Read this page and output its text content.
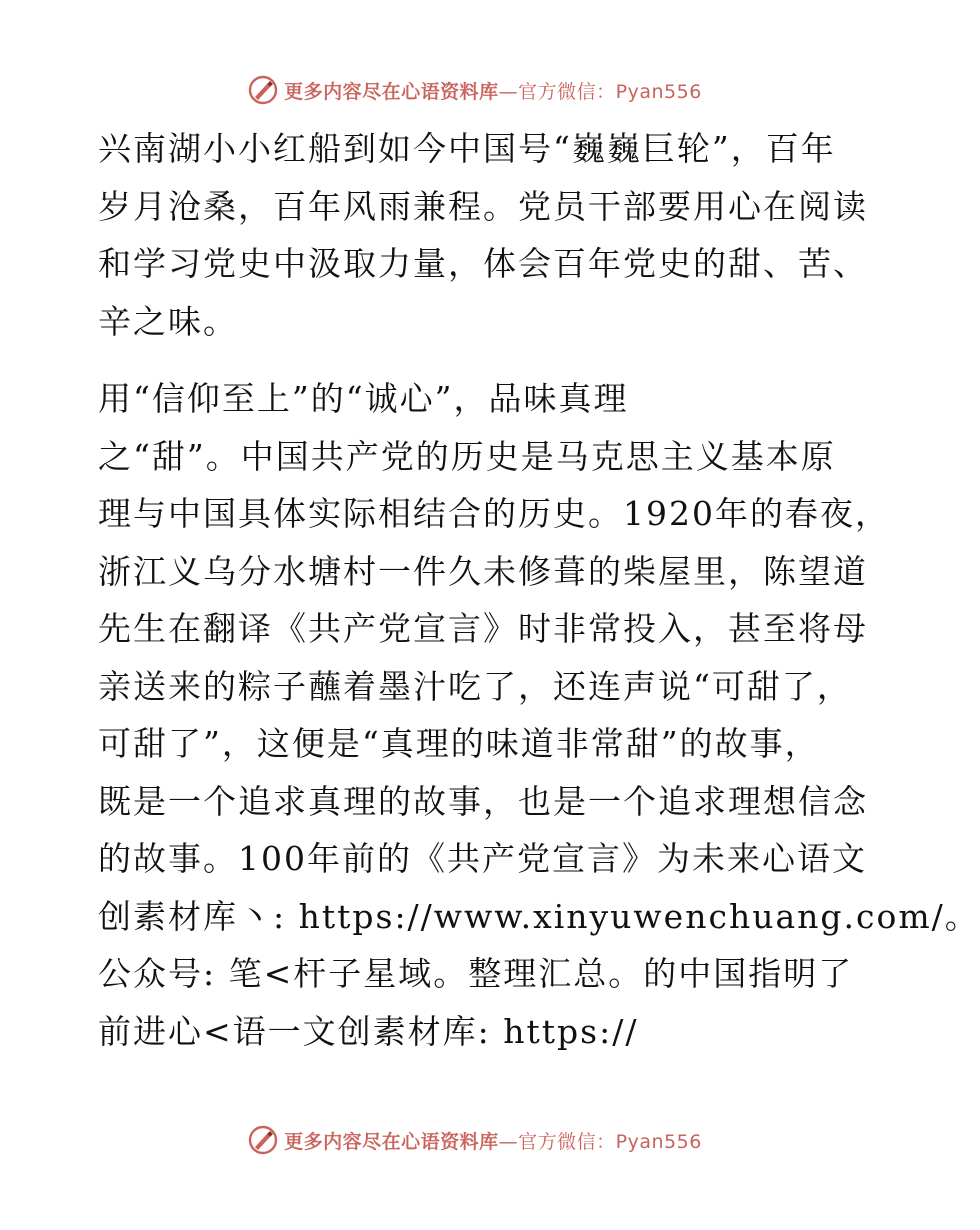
更多内容尽在心语资料库—官方微信：Pyan556
兴南湖小小红船到如今中国号“巍巍巨轮”，百年
岁月沧桑，百年风雨兼程。党员干部要用心在阅读
和学习党史中汲取力量，体会百年党史的甜、苦、
辛之味。
用“信仰至上”的“诚心”，品味真理
之“甜”。中国共产党的历史是马克思主义基本原
理与中国具体实际相结合的历史。1920年的春夜，
浙江义乌分水塘村一件久未修葺的柴屋里，陈望道
先生在翻译《共产党宣言》时非常投入，甚至将母
亲送来的粽子蘸着墨汁吃了，还连声说“可甜了，
可甜了”，这便是“真理的味道非常甜”的故事，
既是一个追求真理的故事，也是一个追求理想信念
的故事。100年前的《共产党宣言》为未来心语文
创素材库丶: https://www.xinyuwenchuang.com/。
公众号: 笔<杆子星域。整理汇总。的中国指明了
前进心<语一文创素材库: https://
更多内容尽在心语资料库—官方微信：Pyan556
